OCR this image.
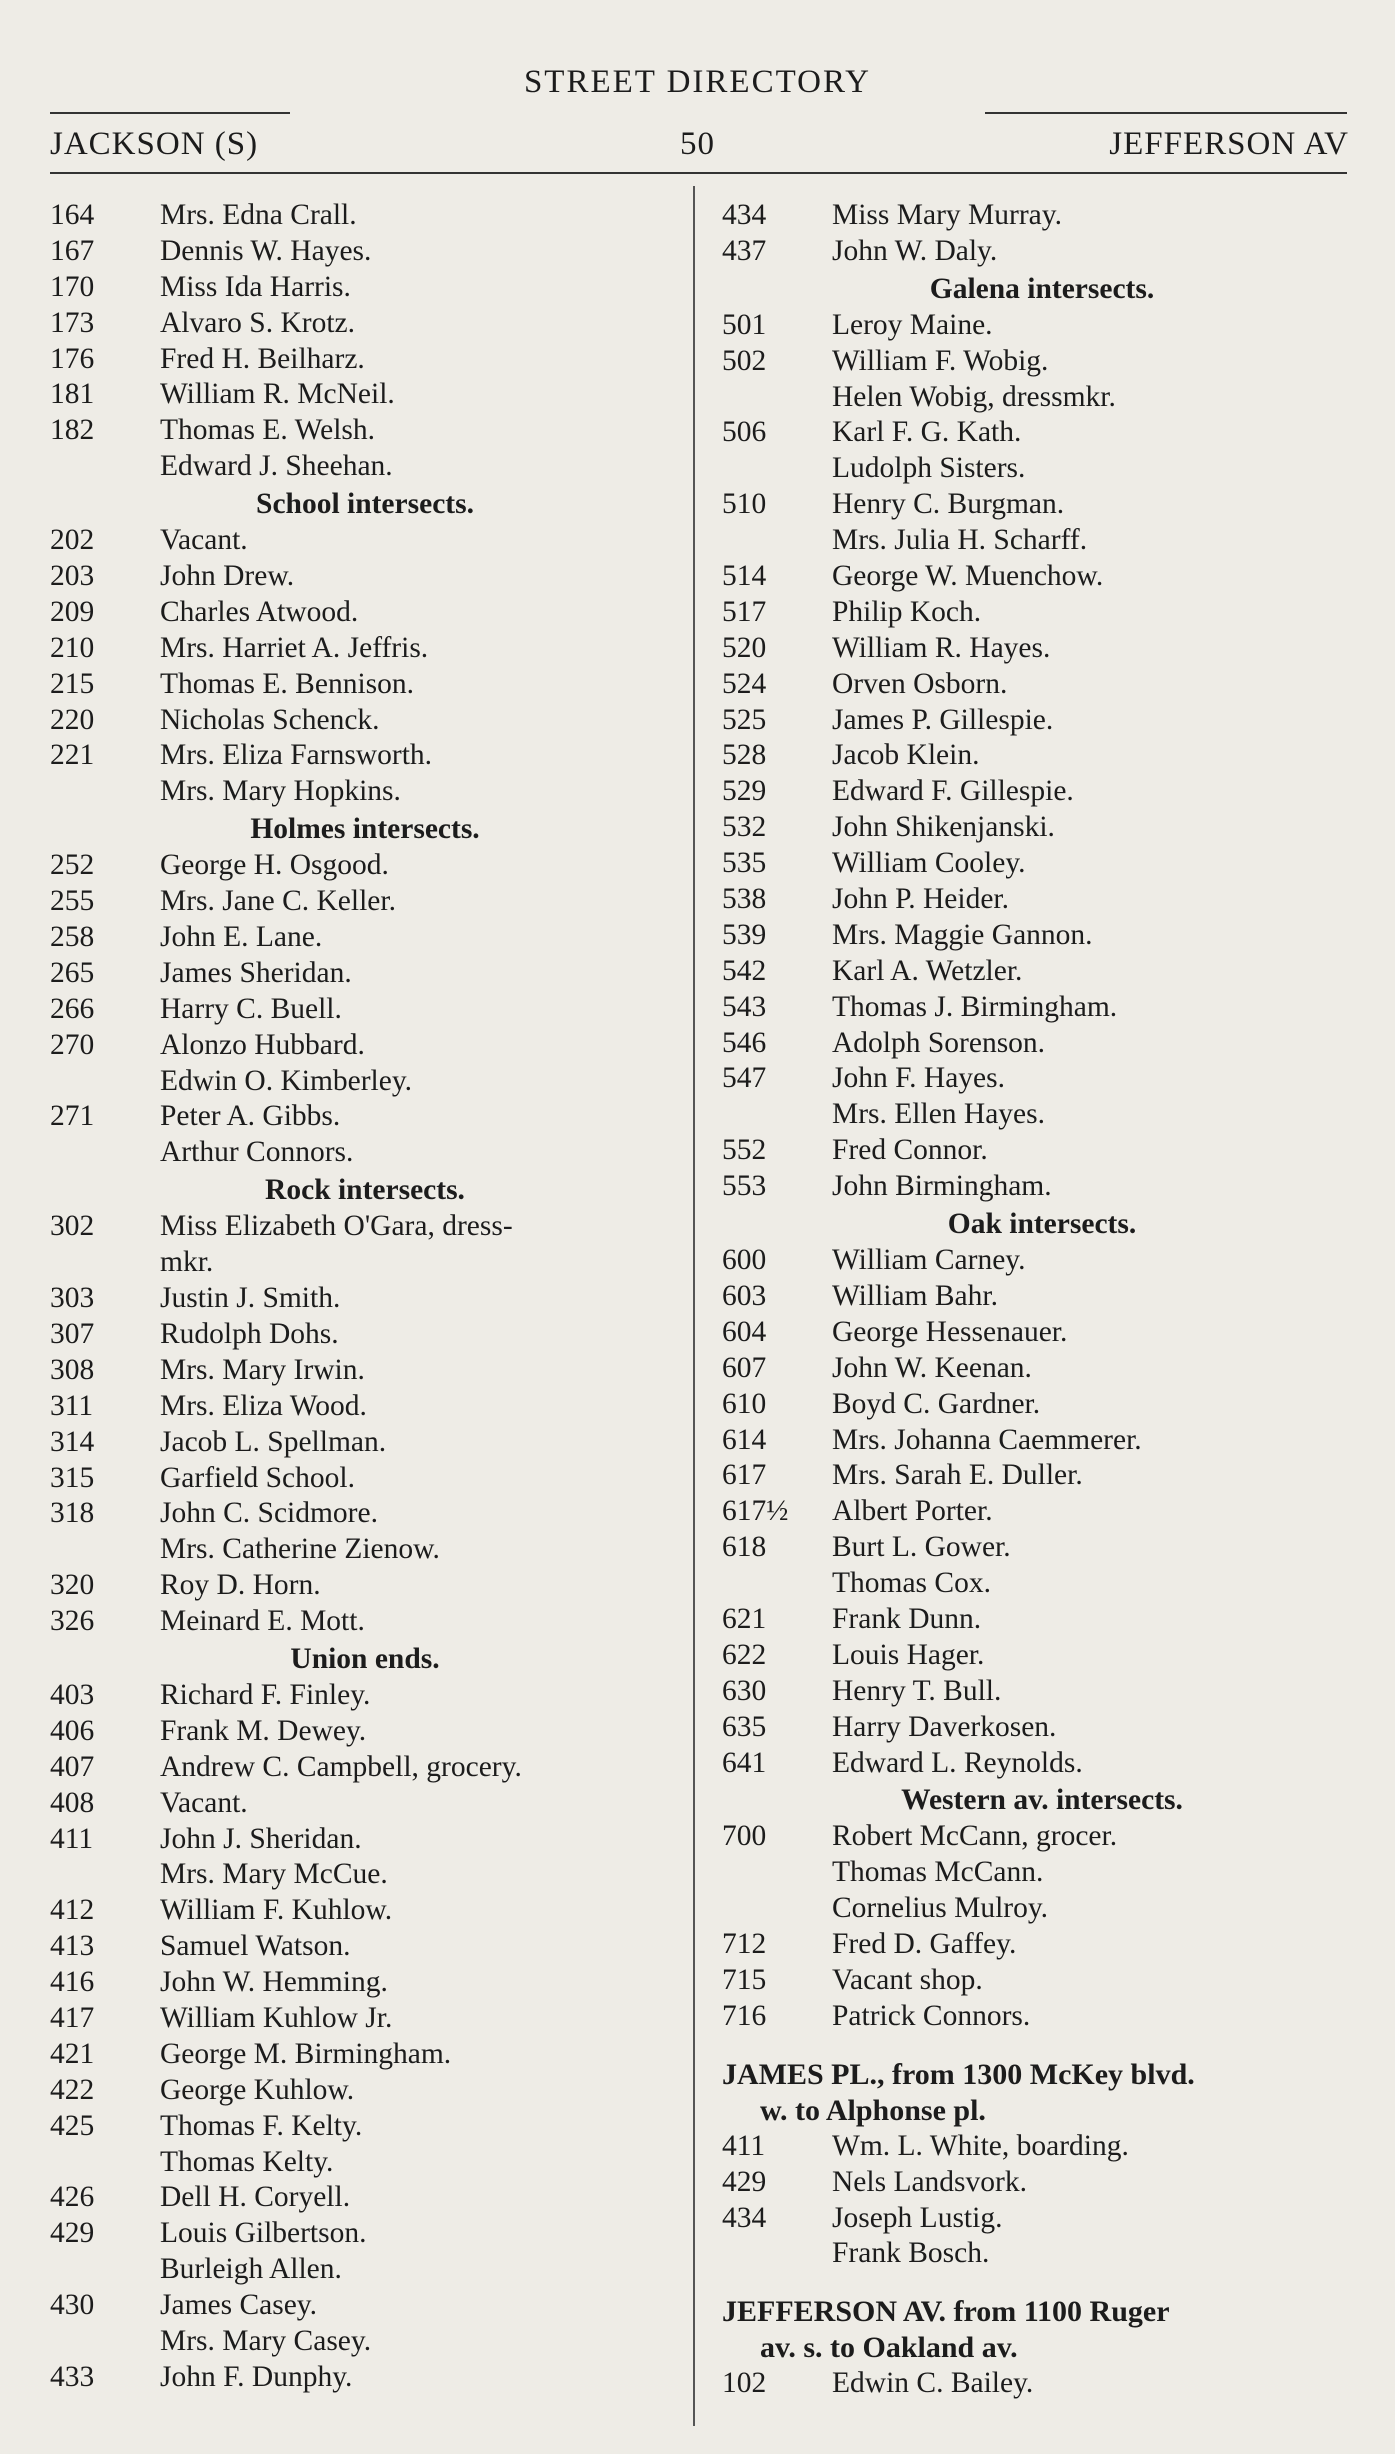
STREET DIRECTORY
JACKSON (S)	50	JEFFERSON AV
164	Mrs. Edna Crall.
167	Dennis W. Hayes.
170	Miss Ida Harris.
173	Alvaro S. Krotz.
176	Fred H. Beilharz.
181	William R. McNeil.
182	Thomas E. Welsh.
Edward J. Sheehan.
School intersects.
202	Vacant.
203	John Drew.
209	Charles Atwood.
210	Mrs. Harriet A. Jeffris.
215	Thomas E. Bennison.
220	Nicholas Schenck.
221	Mrs. Eliza Farnsworth.
Mrs. Mary Hopkins.
Holmes intersects.
252	George H. Osgood.
255	Mrs. Jane C. Keller.
258	John E. Lane.
265	James Sheridan.
266	Harry C. Buell.
270	Alonzo Hubbard.
Edwin O. Kimberley.
271	Peter A. Gibbs.
Arthur Connors.
Rock intersects.
302	Miss Elizabeth O'Gara, dress-
mkr.
303	Justin J. Smith.
307	Rudolph Dohs.
308	Mrs. Mary Irwin.
311	Mrs. Eliza Wood.
314	Jacob L. Spellman.
315	Garfield School.
318	John C. Scidmore.
Mrs. Catherine Zienow.
320	Roy D. Horn.
326	Meinard E. Mott.
Union ends.
403	Richard F. Finley.
406	Frank M. Dewey.
407	Andrew C. Campbell, grocery.
408	Vacant.
411	John J. Sheridan.
Mrs. Mary McCue.
412	William F. Kuhlow.
413	Samuel Watson.
416	John W. Hemming.
417	William Kuhlow Jr.
421	George M. Birmingham.
422	George Kuhlow.
425	Thomas F. Kelty.
Thomas Kelty.
426	Dell H. Coryell.
429	Louis Gilbertson.
Burleigh Allen.
430	James Casey.
Mrs. Mary Casey.
433	John F. Dunphy.
434	Miss Mary Murray.
437	John W. Daly.
Galena intersects.
501	Leroy Maine.
502	William F. Wobig.
Helen Wobig, dressmkr.
506	Karl F. G. Kath.
Ludolph Sisters.
510	Henry C. Burgman.
Mrs. Julia H. Scharff.
514	George W. Muenchow.
517	Philip Koch.
520	William R. Hayes.
524	Orven Osborn.
525	James P. Gillespie.
528	Jacob Klein.
529	Edward F. Gillespie.
532	John Shikenjanski.
535	William Cooley.
538	John P. Heider.
539	Mrs. Maggie Gannon.
542	Karl A. Wetzler.
543	Thomas J. Birmingham.
546	Adolph Sorenson.
547	John F. Hayes.
Mrs. Ellen Hayes.
552	Fred Connor.
553	John Birmingham.
Oak intersects.
600	William Carney.
603	William Bahr.
604	George Hessenauer.
607	John W. Keenan.
610	Boyd C. Gardner.
614	Mrs. Johanna Caemmerer.
617	Mrs. Sarah E. Duller.
617½	Albert Porter.
618	Burt L. Gower.
Thomas Cox.
621	Frank Dunn.
622	Louis Hager.
630	Henry T. Bull.
635	Harry Daverkosen.
641	Edward L. Reynolds.
Western av. intersects.
700	Robert McCann, grocer.
Thomas McCann.
Cornelius Mulroy.
712	Fred D. Gaffey.
715	Vacant shop.
716	Patrick Connors.
JAMES PL., from 1300 McKey blvd.
w. to Alphonse pl.
411	Wm. L. White, boarding.
429	Nels Landsvork.
434	Joseph Lustig.
Frank Bosch.
JEFFERSON AV. from 1100 Ruger
av. s. to Oakland av.
102	Edwin C. Bailey.
